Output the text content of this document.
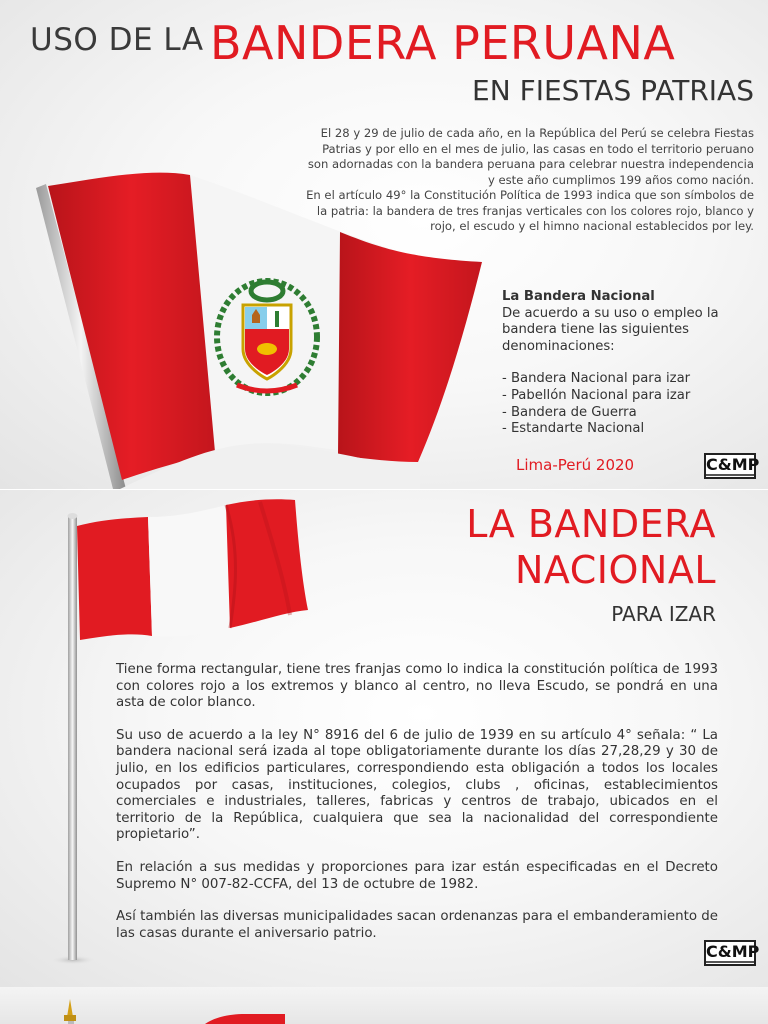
USO DE LA BANDERA PERUANA
EN FIESTAS PATRIAS

El 28 y 29 de julio de cada año, en la República del Perú se celebra Fiestas Patrias y por ello en el mes de julio, las casas en todo el territorio peruano son adornadas con la bandera peruana para celebrar nuestra independencia y este año cumplimos 199 años como nación.

En el artículo 49° la Constitución Política de 1993 indica que son símbolos de la patria: la bandera de tres franjas verticales con los colores rojo, blanco y rojo, el escudo y el himno nacional establecidos por ley.

La Bandera Nacional
De acuerdo a su uso o empleo la bandera tiene las siguientes denominaciones:
- Bandera Nacional para izar
- Pabellón Nacional para izar
- Bandera de Guerra
- Estandarte Nacional
Lima-Perú 2020	C&MP
LA BANDERA
NACIONAL
PARA IZAR

Tiene forma rectangular, tiene tres franjas como lo indica la constitución política de 1993 con colores rojo a los extremos y blanco al centro, no lleva Escudo, se pondrá en una asta de color blanco.

Su uso de acuerdo a la ley N° 8916 del 6 de julio de 1939 en su artículo 4° señala: “ La bandera nacional será izada al tope obligatoriamente durante los días 27,28,29 y 30 de julio, en los edificios particulares, correspondiendo esta obligación a todos los locales ocupados por casas, instituciones, colegios, clubs , oficinas, establecimientos comerciales e industriales, talleres, fabricas y centros de trabajo, ubicados en el territorio de la República, cualquiera que sea la nacionalidad del correspondiente propietario”.

En relación a sus medidas y proporciones para izar están especificadas en el Decreto Supremo N° 007-82-CCFA, del 13 de octubre de 1982.

Así también las diversas municipalidades sacan ordenanzas para el embanderamiento de las casas durante el aniversario patrio.

C&MP
